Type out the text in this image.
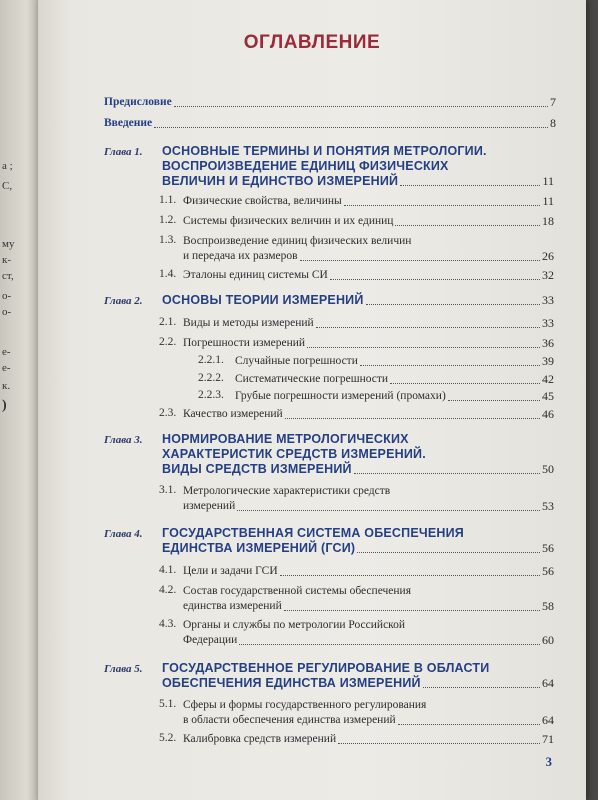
а ;
С,
му
к-
ст,
о-
о-
е-
е-
к.
)
ОГЛАВЛЕНИЕ
Предисловие	7
Введение	8
Глава 1. ОСНОВНЫЕ ТЕРМИНЫ И ПОНЯТИЯ МЕТРОЛОГИИ.
ВОСПРОИЗВЕДЕНИЕ ЕДИНИЦ ФИЗИЧЕСКИХ
ВЕЛИЧИН И ЕДИНСТВО ИЗМЕРЕНИЙ	11
1.1. Физические свойства, величины	11
1.2. Системы физических величин и их единиц	18
1.3. Воспроизведение единиц физических величин
и передача их размеров	26
1.4. Эталоны единиц системы СИ	32
Глава 2. ОСНОВЫ ТЕОРИИ ИЗМЕРЕНИЙ	33
2.1. Виды и методы измерений	33
2.2. Погрешности измерений	36
2.2.1. Случайные погрешности	39
2.2.2. Систематические погрешности	42
2.2.3. Грубые погрешности измерений (промахи)	45
2.3. Качество измерений	46
Глава 3. НОРМИРОВАНИЕ МЕТРОЛОГИЧЕСКИХ
ХАРАКТЕРИСТИК СРЕДСТВ ИЗМЕРЕНИЙ.
ВИДЫ СРЕДСТВ ИЗМЕРЕНИЙ	50
3.1. Метрологические характеристики средств
измерений	53
Глава 4. ГОСУДАРСТВЕННАЯ СИСТЕМА ОБЕСПЕЧЕНИЯ
ЕДИНСТВА ИЗМЕРЕНИЙ (ГСИ)	56
4.1. Цели и задачи ГСИ	56
4.2. Состав государственной системы обеспечения
единства измерений	58
4.3. Органы и службы по метрологии Российской
Федерации	60
Глава 5. ГОСУДАРСТВЕННОЕ РЕГУЛИРОВАНИЕ В ОБЛАСТИ
ОБЕСПЕЧЕНИЯ ЕДИНСТВА ИЗМЕРЕНИЙ	64
5.1. Сферы и формы государственного регулирования
в области обеспечения единства измерений	64
5.2. Калибровка средств измерений	71
3
